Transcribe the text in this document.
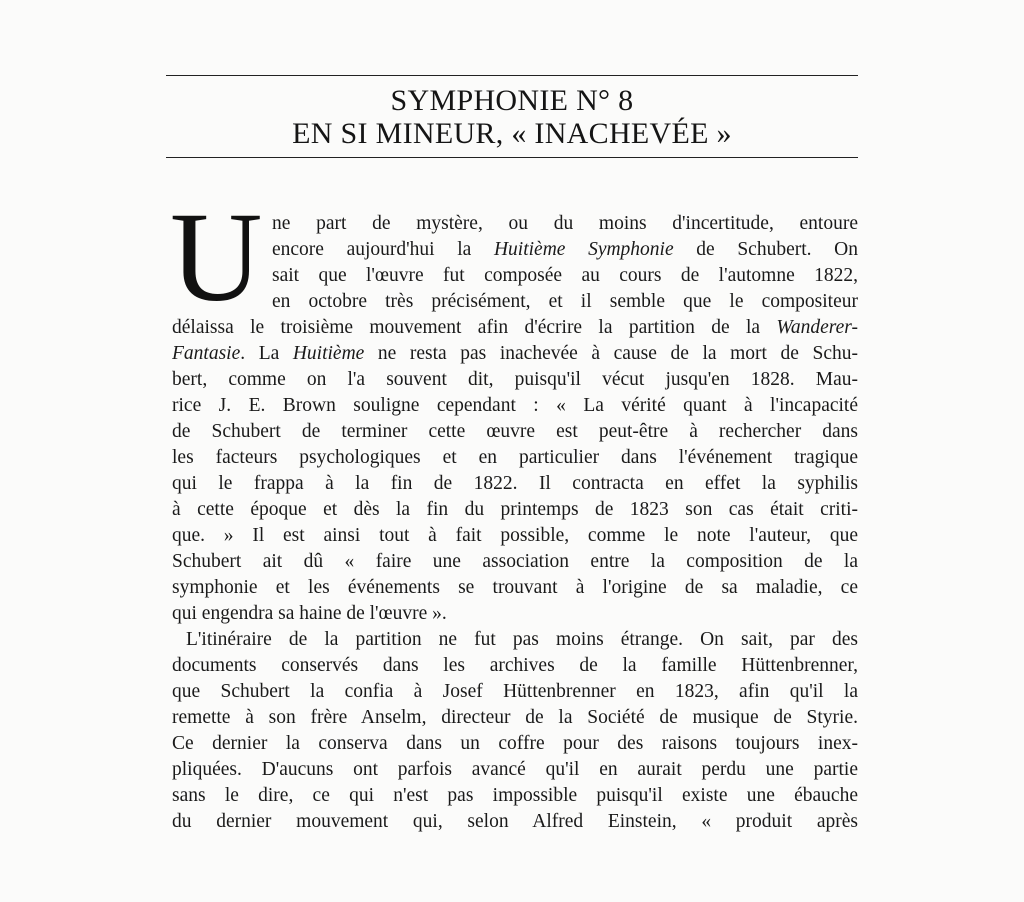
SYMPHONIE N° 8
EN SI MINEUR, « INACHEVÉE »
U ne part de mystère, ou du moins d'incertitude, entoure
encore aujourd'hui la Huitième Symphonie de Schubert. On
sait que l'œuvre fut composée au cours de l'automne 1822,
en octobre très précisément, et il semble que le compositeur
délaissa le troisième mouvement afin d'écrire la partition de la Wanderer-
Fantasie. La Huitième ne resta pas inachevée à cause de la mort de Schu-
bert, comme on l'a souvent dit, puisqu'il vécut jusqu'en 1828. Mau-
rice J. E. Brown souligne cependant : « La vérité quant à l'incapacité
de Schubert de terminer cette œuvre est peut-être à rechercher dans
les facteurs psychologiques et en particulier dans l'événement tragique
qui le frappa à la fin de 1822. Il contracta en effet la syphilis
à cette époque et dès la fin du printemps de 1823 son cas était criti-
que. » Il est ainsi tout à fait possible, comme le note l'auteur, que
Schubert ait dû « faire une association entre la composition de la
symphonie et les événements se trouvant à l'origine de sa maladie, ce
qui engendra sa haine de l'œuvre ».
L'itinéraire de la partition ne fut pas moins étrange. On sait, par des
documents conservés dans les archives de la famille Hüttenbrenner,
que Schubert la confia à Josef Hüttenbrenner en 1823, afin qu'il la
remette à son frère Anselm, directeur de la Société de musique de Styrie.
Ce dernier la conserva dans un coffre pour des raisons toujours inex-
pliquées. D'aucuns ont parfois avancé qu'il en aurait perdu une partie
sans le dire, ce qui n'est pas impossible puisqu'il existe une ébauche
du dernier mouvement qui, selon Alfred Einstein, « produit après
